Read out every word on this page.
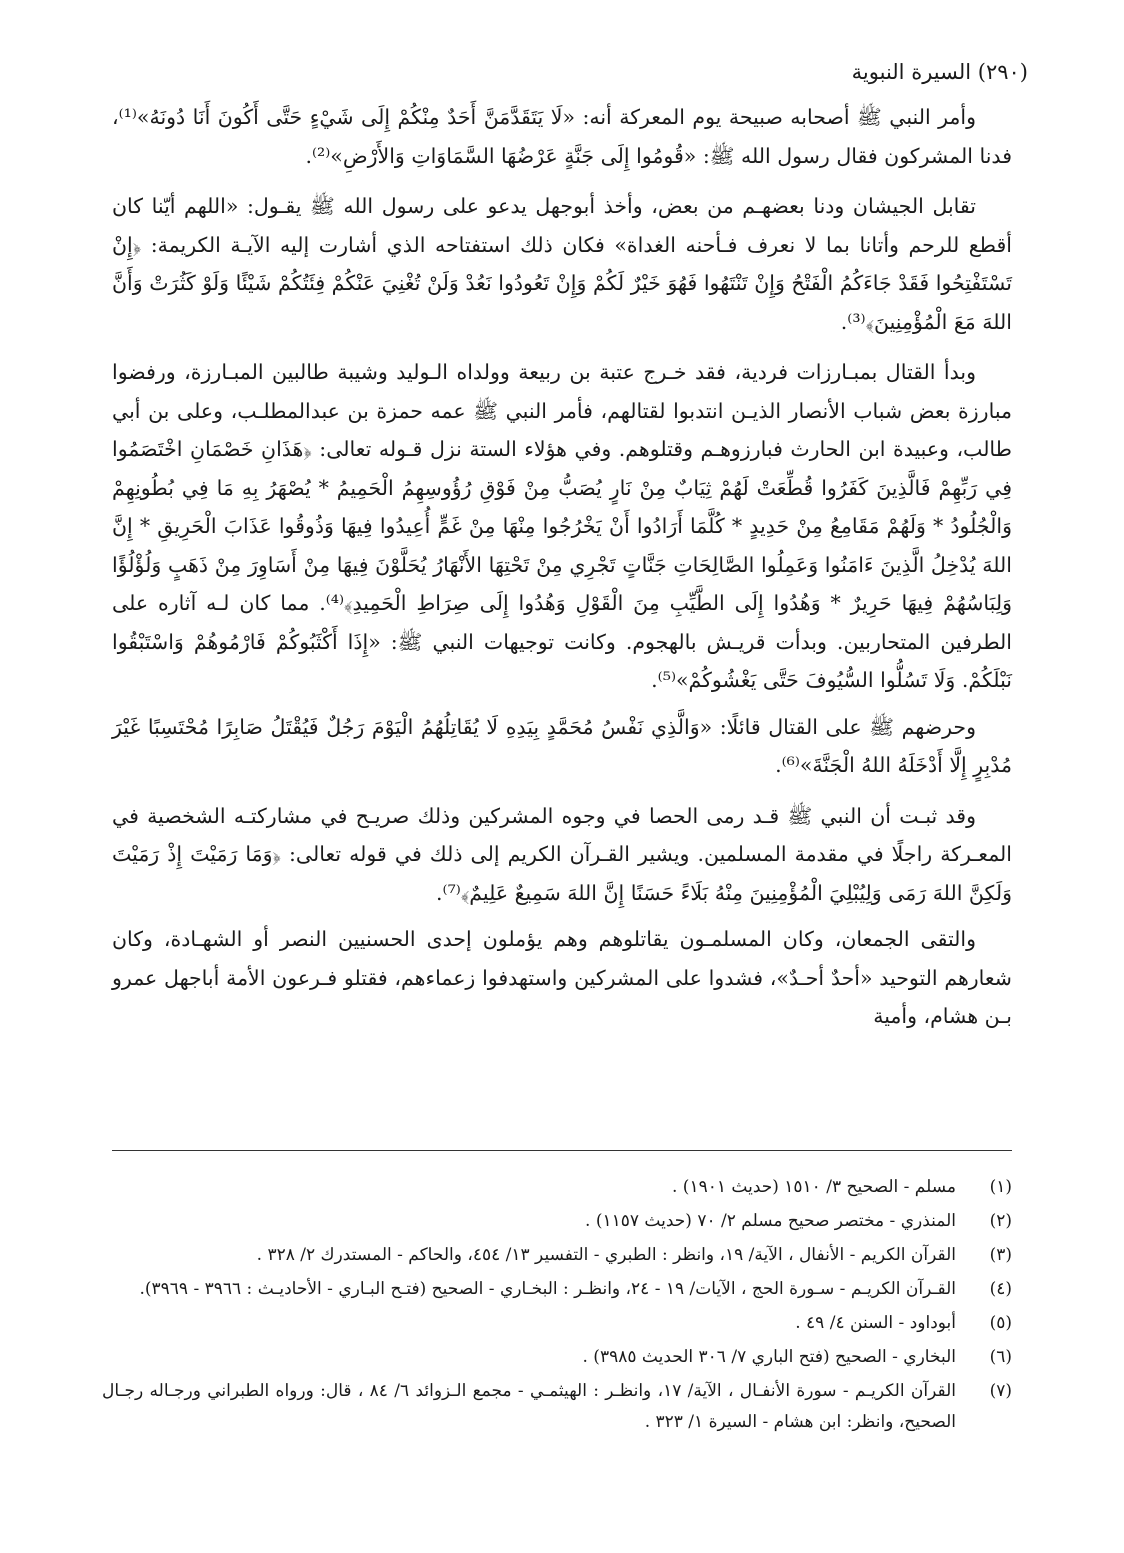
(٢٩٠) السيرة النبوية

وأمر النبي ﷺ أصحابه صبيحة يوم المعركة أنه: «لَا يَتَقَدَّمَنَّ أَحَدٌ مِنْكُمْ إِلَى شَيْءٍ حَتَّى أَكُونَ أَنَا دُونَهُ»⁽¹⁾، فدنا المشركون فقال رسول الله ﷺ: «قُومُوا إِلَى جَنَّةٍ عَرْضُهَا السَّمَاوَاتِ وَالأَرْضِ»⁽²⁾.

تقابل الجيشان ودنا بعضهـم من بعض، وأخذ أبوجهل يدعو على رسول الله ﷺ يقـول: «اللهم أيّنا كان أقطع للرحم وأتانا بما لا نعرف فـأحنه الغداة» فكان ذلك استفتاحه الذي أشارت إليه الآيـة الكريمة: ﴿إِنْ تَسْتَفْتِحُوا فَقَدْ جَاءَكُمُ الْفَتْحُ وَإِنْ تَنْتَهُوا فَهُوَ خَيْرٌ لَكُمْ وَإِنْ تَعُودُوا نَعُدْ وَلَنْ تُغْنِيَ عَنْكُمْ فِئَتُكُمْ شَيْئًا وَلَوْ كَثُرَتْ وَأَنَّ اللهَ مَعَ الْمُؤْمِنِينَ﴾⁽³⁾.

وبدأ القتال بمبـارزات فردية، فقد خـرج عتبة بن ربيعة وولداه الـوليد وشيبة طالبين المبـارزة، ورفضوا مبارزة بعض شباب الأنصار الذيـن انتدبوا لقتالهم، فأمر النبي ﷺ عمه حمزة بن عبدالمطلـب، وعلى بن أبي طالب، وعبيدة ابن الحارث فبارزوهـم وقتلوهم. وفي هؤلاء الستة نزل قـوله تعالى: ﴿هَذَانِ خَصْمَانِ اخْتَصَمُوا فِي رَبِّهِمْ فَالَّذِينَ كَفَرُوا قُطِّعَتْ لَهُمْ ثِيَابٌ مِنْ نَارٍ يُصَبُّ مِنْ فَوْقِ رُؤُوسِهِمُ الْحَمِيمُ * يُصْهَرُ بِهِ مَا فِي بُطُونِهِمْ وَالْجُلُودُ * وَلَهُمْ مَقَامِعُ مِنْ حَدِيدٍ * كُلَّمَا أَرَادُوا أَنْ يَخْرُجُوا مِنْهَا مِنْ غَمٍّ أُعِيدُوا فِيهَا وَذُوقُوا عَذَابَ الْحَرِيقِ * إِنَّ اللهَ يُدْخِلُ الَّذِينَ ءَامَنُوا وَعَمِلُوا الصَّالِحَاتِ جَنَّاتٍ تَجْرِي مِنْ تَحْتِهَا الأَنْهَارُ يُحَلَّوْنَ فِيهَا مِنْ أَسَاوِرَ مِنْ ذَهَبٍ وَلُؤْلُؤًا وَلِبَاسُهُمْ فِيهَا حَرِيرٌ * وَهُدُوا إِلَى الطَّيِّبِ مِنَ الْقَوْلِ وَهُدُوا إِلَى صِرَاطِ الْحَمِيدِ﴾⁽⁴⁾. مما كان لـه آثاره على الطرفين المتحاربين. وبدأت قريـش بالهجوم. وكانت توجيهات النبي ﷺ: «إِذَا أَكْثَبُوكُمْ فَارْمُوهُمْ وَاسْتَبْقُوا نَبْلَكُمْ. وَلَا تَسُلُّوا السُّيُوفَ حَتَّى يَغْشُوكُمْ»⁽⁵⁾.

وحرضهم ﷺ على القتال قائلًا: «وَالَّذِي نَفْسُ مُحَمَّدٍ بِيَدِهِ لَا يُقَاتِلُهُمُ الْيَوْمَ رَجُلٌ فَيُقْتَلُ صَابِرًا مُحْتَسِبًا غَيْرَ مُدْبِرٍ إِلَّا أَدْخَلَهُ اللهُ الْجَنَّةَ»⁽⁶⁾.

وقد ثبـت أن النبي ﷺ قـد رمى الحصا في وجوه المشركين وذلك صريـح في مشاركتـه الشخصية في المعـركة راجلًا في مقدمة المسلمين. ويشير القـرآن الكريم إلى ذلك في قوله تعالى: ﴿وَمَا رَمَيْتَ إِذْ رَمَيْتَ وَلَكِنَّ اللهَ رَمَى وَلِيُبْلِيَ الْمُؤْمِنِينَ مِنْهُ بَلَاءً حَسَنًا إِنَّ اللهَ سَمِيعٌ عَلِيمٌ﴾⁽⁷⁾.

والتقى الجمعان، وكان المسلمـون يقاتلوهم وهم يؤملون إحدى الحسنيين النصر أو الشهـادة، وكان شعارهم التوحيد «أحدٌ أحـدٌ»، فشدوا على المشركين واستهدفوا زعماءهم، فقتلو فـرعون الأمة أباجهل عمرو بـن هشام، وأمية

(١)
مسلم - الصحيح ٣/ ١٥١٠ (حديث ١٩٠١) .
(٢)
المنذري - مختصر صحيح مسلم ٢/ ٧٠ (حديث ١١٥٧) .
(٣)
القرآن الكريم - الأنفال ، الآية/ ١٩، وانظر : الطبري - التفسير ١٣/ ٤٥٤، والحاكم - المستدرك ٢/ ٣٢٨ .
(٤)
القـرآن الكريـم - سـورة الحج ، الآيات/ ١٩ - ٢٤، وانظـر : البخـاري - الصحيح (فتـح البـاري - الأحاديـث : ٣٩٦٦ - ٣٩٦٩).
(٥)
أبوداود - السنن ٤/ ٤٩ .
(٦)
البخاري - الصحيح (فتح الباري ٧/ ٣٠٦ الحديث ٣٩٨٥) .
(٧)
القرآن الكريـم - سورة الأنفـال ، الآية/ ١٧، وانظـر : الهيثمـي - مجمع الـزوائد ٦/ ٨٤ ، قال: ورواه الطبراني ورجـاله رجـال الصحيح، وانظر: ابن هشام - السيرة ١/ ٣٢٣ .
